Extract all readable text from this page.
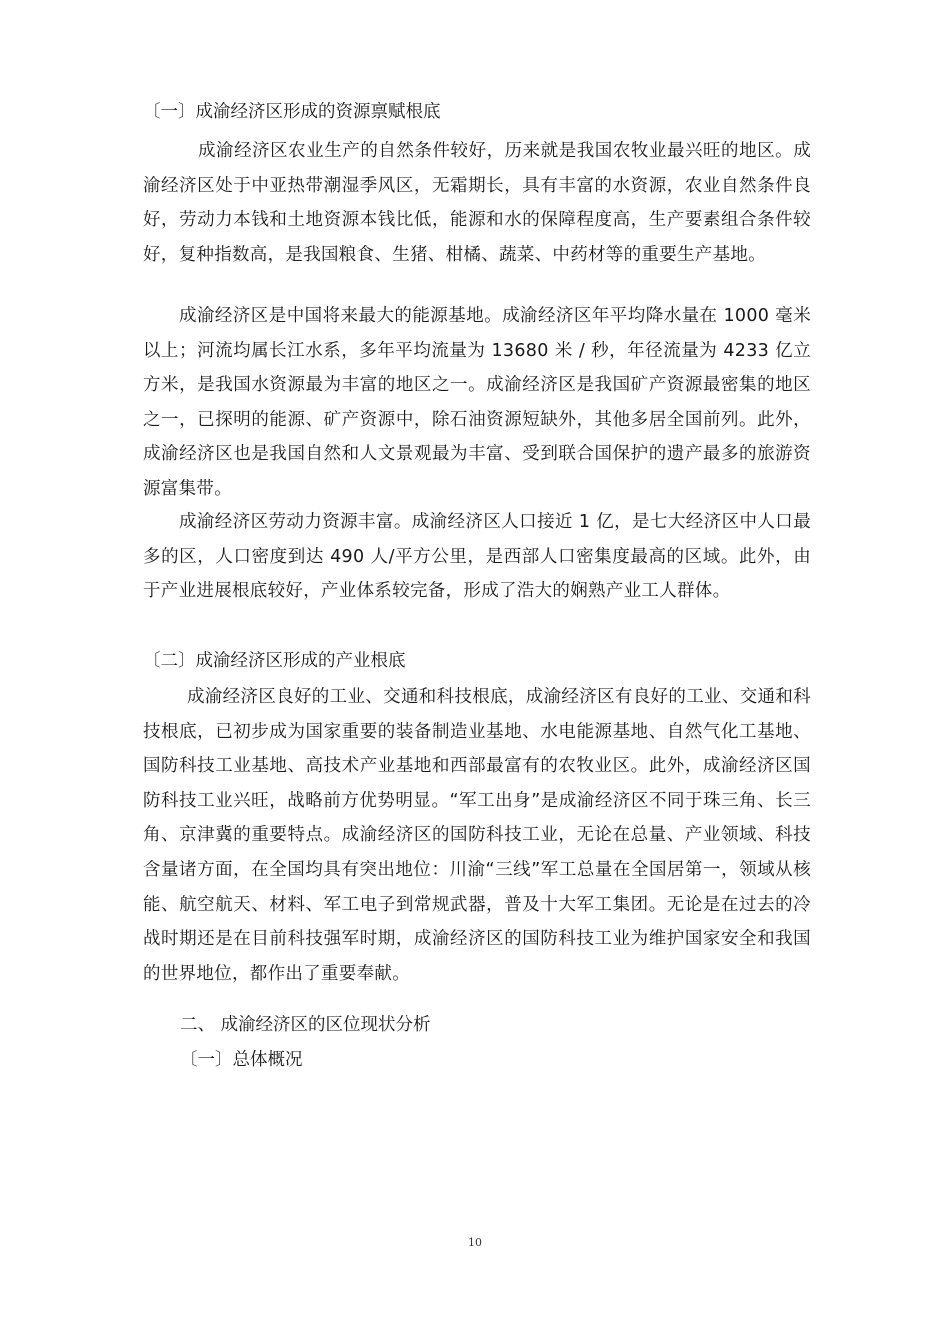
〔一〕成渝经济区形成的资源禀赋根底

成渝经济区农业生产的自然条件较好，历来就是我国农牧业最兴旺的地区。成渝经济区处于中亚热带潮湿季风区，无霜期长，具有丰富的水资源，农业自然条件良好，劳动力本钱和土地资源本钱比低，能源和水的保障程度高，生产要素组合条件较好，复种指数高，是我国粮食、生猪、柑橘、蔬菜、中药材等的重要生产基地。

成渝经济区是中国将来最大的能源基地。成渝经济区年平均降水量在 1000 毫米以上；河流均属长江水系，多年平均流量为 13680 米 / 秒，年径流量为 4233 亿立方米，是我国水资源最为丰富的地区之一。成渝经济区是我国矿产资源最密集的地区之一，已探明的能源、矿产资源中，除石油资源短缺外，其他多居全国前列。此外，成渝经济区也是我国自然和人文景观最为丰富、受到联合国保护的遗产最多的旅游资源富集带。

成渝经济区劳动力资源丰富。成渝经济区人口接近 1 亿，是七大经济区中人口最多的区，人口密度到达 490 人/平方公里，是西部人口密集度最高的区域。此外，由于产业进展根底较好，产业体系较完备，形成了浩大的娴熟产业工人群体。

〔二〕成渝经济区形成的产业根底

成渝经济区良好的工业、交通和科技根底，成渝经济区有良好的工业、交通和科技根底，已初步成为国家重要的装备制造业基地、水电能源基地、自然气化工基地、国防科技工业基地、高技术产业基地和西部最富有的农牧业区。此外，成渝经济区国防科技工业兴旺，战略前方优势明显。“军工出身”是成渝经济区不同于珠三角、长三角、京津冀的重要特点。成渝经济区的国防科技工业，无论在总量、产业领域、科技含量诸方面，在全国均具有突出地位：川渝“三线”军工总量在全国居第一，领域从核能、航空航天、材料、军工电子到常规武器，普及十大军工集团。无论是在过去的冷战时期还是在目前科技强军时期，成渝经济区的国防科技工业为维护国家安全和我国的世界地位，都作出了重要奉献。

二、 成渝经济区的区位现状分析
〔一〕总体概况
10
